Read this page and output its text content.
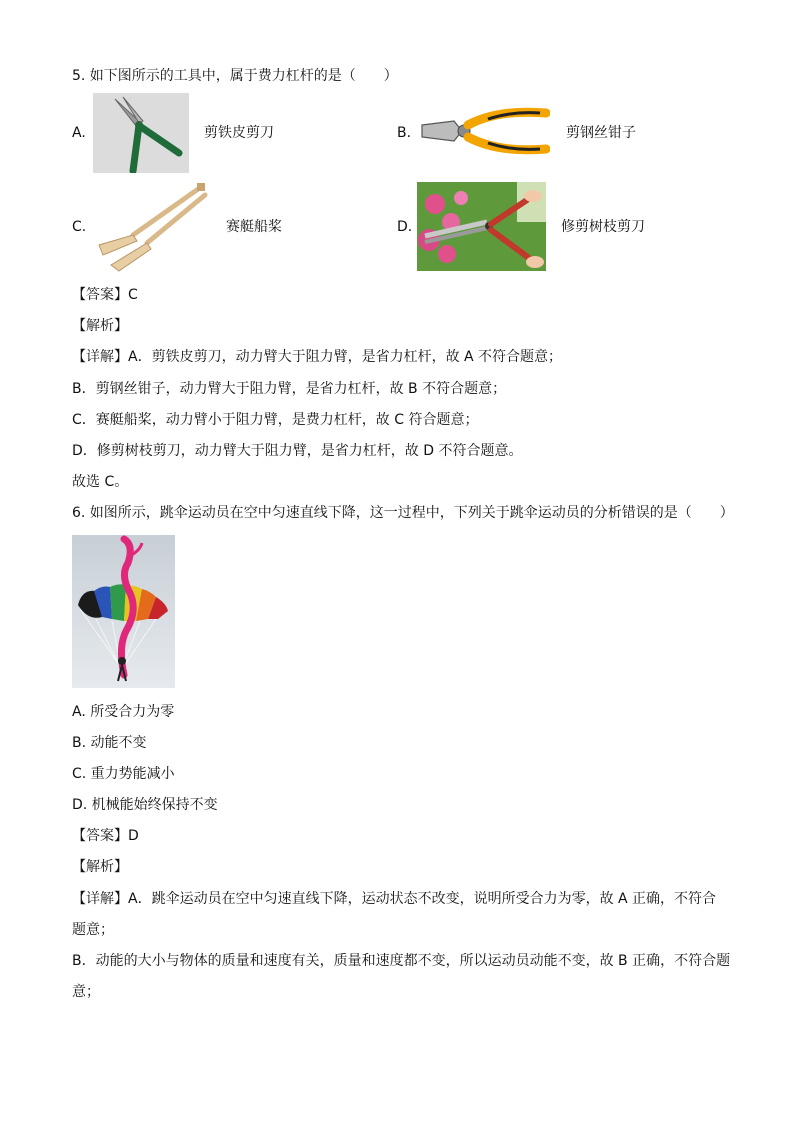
5. 如下图所示的工具中，属于费力杠杆的是（　　）
A.	剪铁皮剪刀	B.	剪钢丝钳子
C.	赛艇船桨	D.	修剪树枝剪刀
【答案】C
【解析】
【详解】A．剪铁皮剪刀，动力臂大于阻力臂，是省力杠杆，故 A 不符合题意；
B．剪钢丝钳子，动力臂大于阻力臂，是省力杠杆，故 B 不符合题意；
C．赛艇船桨，动力臂小于阻力臂，是费力杠杆，故 C 符合题意；
D．修剪树枝剪刀，动力臂大于阻力臂，是省力杠杆，故 D 不符合题意。
故选 C。
6. 如图所示，跳伞运动员在空中匀速直线下降，这一过程中，下列关于跳伞运动员的分析错误的是（　　）
A. 所受合力为零
B. 动能不变
C. 重力势能减小
D. 机械能始终保持不变
【答案】D
【解析】
【详解】A．跳伞运动员在空中匀速直线下降，运动状态不改变，说明所受合力为零，故 A 正确，不符合
题意；
B．动能的大小与物体的质量和速度有关，质量和速度都不变，所以运动员动能不变，故 B 正确，不符合题
意；
